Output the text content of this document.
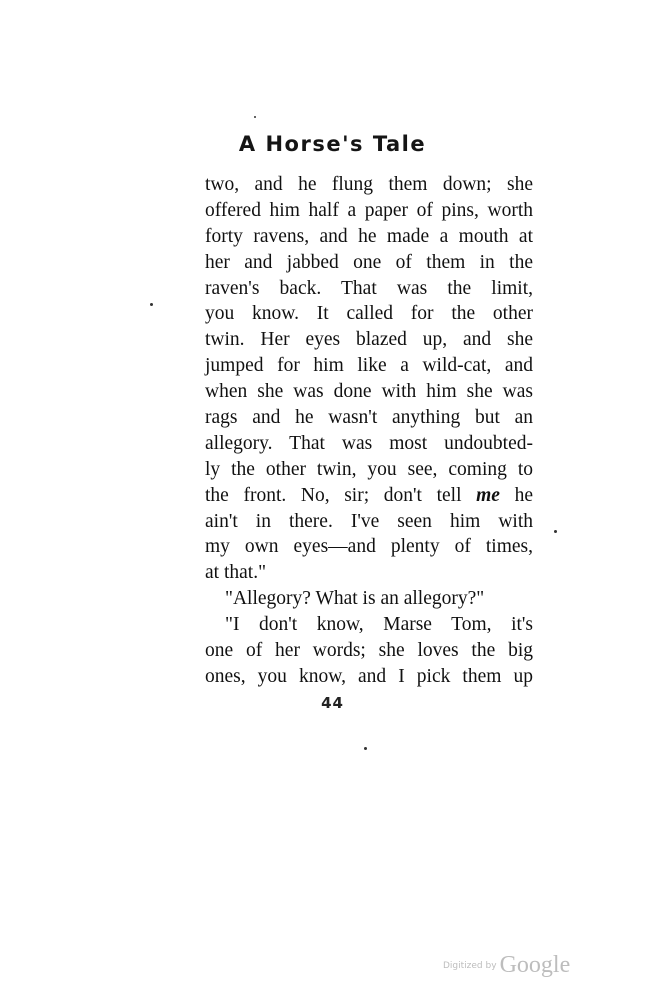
A Horse's Tale
two, and he flung them down; she
offered him half a paper of pins, worth
forty ravens, and he made a mouth at
her and jabbed one of them in the
raven's back. That was the limit,
you know. It called for the other
twin. Her eyes blazed up, and she
jumped for him like a wild-cat, and
when she was done with him she was
rags and he wasn't anything but an
allegory. That was most undoubted-
ly the other twin, you see, coming to
the front. No, sir; don't tell me he
ain't in there. I've seen him with
my own eyes—and plenty of times,
at that."
"Allegory? What is an allegory?"
"I don't know, Marse Tom, it's
one of her words; she loves the big
ones, you know, and I pick them up
44
Digitized by Google
